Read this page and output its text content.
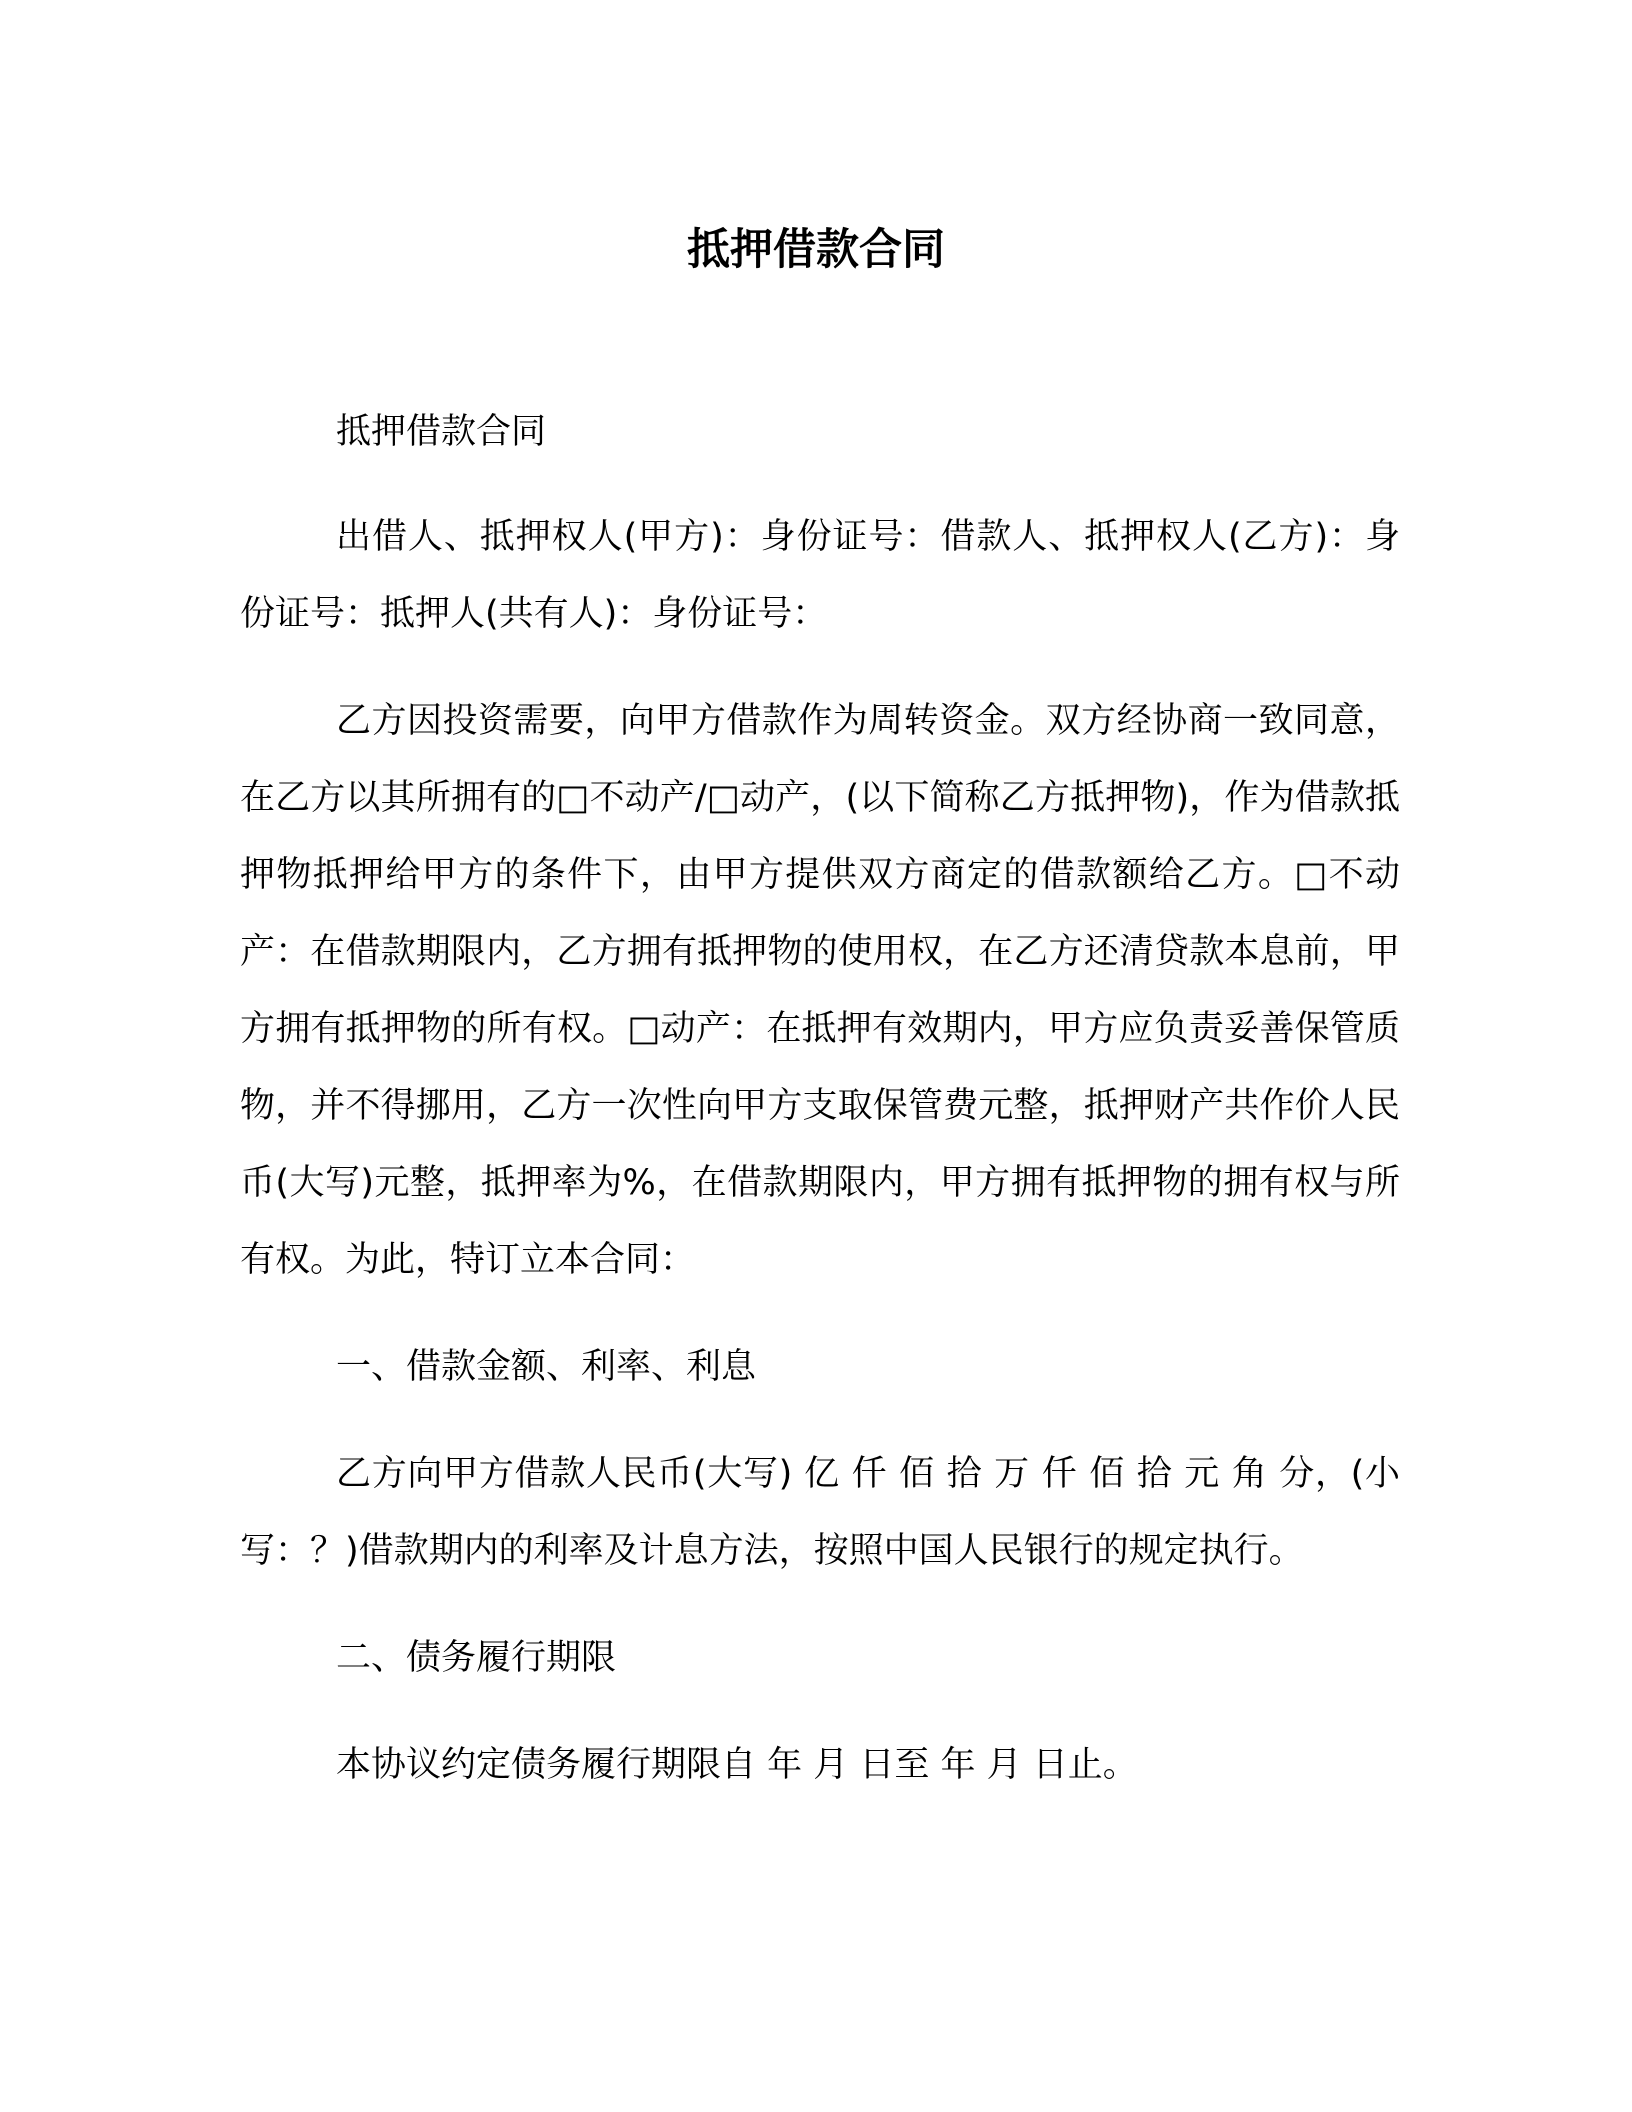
抵押借款合同

抵押借款合同

出借人、抵押权人(甲方)：身份证号：借款人、抵押权人(乙方)：身份证号：抵押人(共有人)：身份证号：

乙方因投资需要，向甲方借款作为周转资金。双方经协商一致同意，在乙方以其所拥有的□不动产/□动产，(以下简称乙方抵押物)，作为借款抵押物抵押给甲方的条件下，由甲方提供双方商定的借款额给乙方。□不动产：在借款期限内，乙方拥有抵押物的使用权，在乙方还清贷款本息前，甲方拥有抵押物的所有权。□动产：在抵押有效期内，甲方应负责妥善保管质物，并不得挪用，乙方一次性向甲方支取保管费元整，抵押财产共作价人民币(大写)元整，抵押率为%，在借款期限内，甲方拥有抵押物的拥有权与所有权。为此，特订立本合同：

一、借款金额、利率、利息

乙方向甲方借款人民币(大写) 亿 仟 佰 拾 万 仟 佰 拾 元 角 分，(小写：？)借款期内的利率及计息方法，按照中国人民银行的规定执行。

二、债务履行期限

本协议约定债务履行期限自 年 月 日至 年 月 日止。
